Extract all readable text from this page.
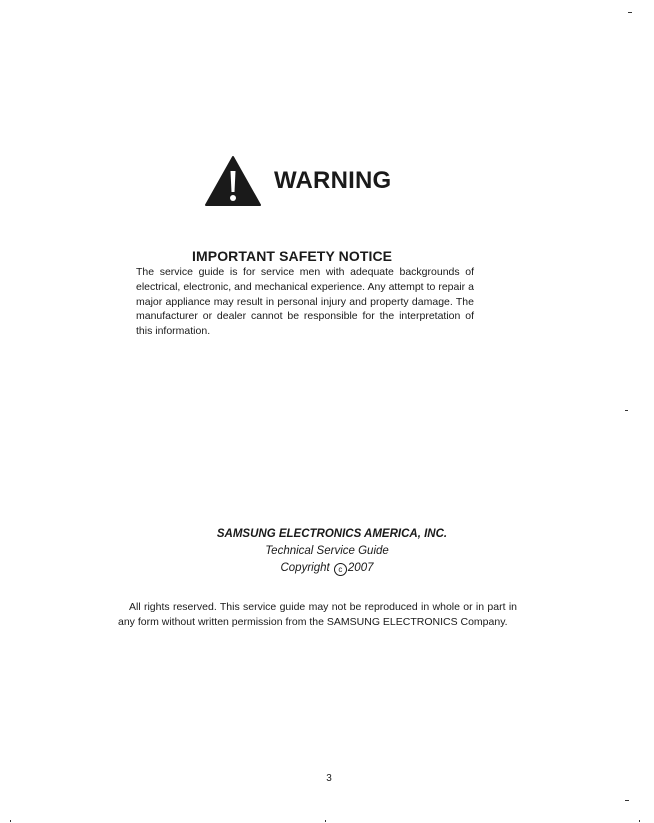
WARNING
IMPORTANT SAFETY NOTICE
The service guide is for service men with adequate backgrounds of electrical, electronic, and mechanical experience. Any attempt to repair a major appliance may result in personal injury and property damage. The manufacturer or dealer cannot be responsible for the interpretation of this information.
SAMSUNG ELECTRONICS AMERICA, INC.
Technical Service Guide
Copyright c 2007
All rights reserved. This service guide may not be reproduced in whole or in part in any form without written permission from the SAMSUNG ELECTRONICS Company.
3
